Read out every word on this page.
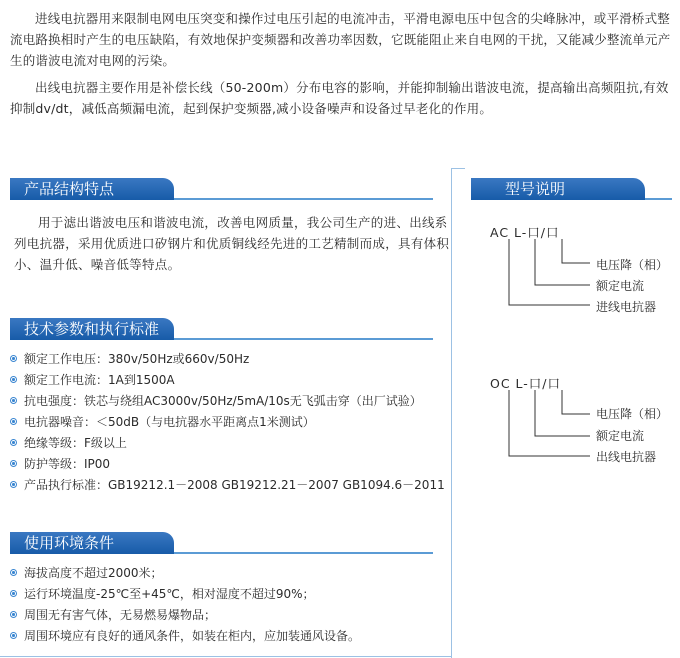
进线电抗器用来限制电网电压突变和操作过电压引起的电流冲击，平滑电源电压中包含的尖峰脉冲，或平滑桥式整流电路换相时产生的电压缺陷，有效地保护变频器和改善功率因数，它既能阻止来自电网的干扰，又能减少整流单元产生的谐波电流对电网的污染。

出线电抗器主要作用是补偿长线（50-200m）分布电容的影响，并能抑制输出谐波电流，提高输出高频阻抗,有效抑制dv/dt，减低高频漏电流，起到保护变频器,减小设备噪声和设备过早老化的作用。

产品结构特点
用于滤出谐波电压和谐波电流，改善电网质量，我公司生产的进、出线系
列电抗器，采用优质进口矽钢片和优质铜线经先进的工艺精制而成，具有体积
小、温升低、噪音低等特点。
技术参数和执行标准
额定工作电压：380v/50Hz或660v/50Hz
额定工作电流：1A到1500A
抗电强度：铁芯与绕组AC3000v/50Hz/5mA/10s无飞弧击穿（出厂试验）
电抗器噪音：＜50dB（与电抗器水平距离点1米测试）
绝缘等级：F级以上
防护等级：IP00
产品执行标准：GB19212.1－2008 GB19212.21－2007 GB1094.6－2011
使用环境条件
海拔高度不超过2000米；
运行环境温度-25℃至+45℃，相对湿度不超过90%；
周围无有害气体，无易燃易爆物品；
周围环境应有良好的通风条件，如装在柜内，应加装通风设备。
型号说明
AC L-口/口
电压降（相）
额定电流
进线电抗器
OC L-口/口
电压降（相）
额定电流
出线电抗器
